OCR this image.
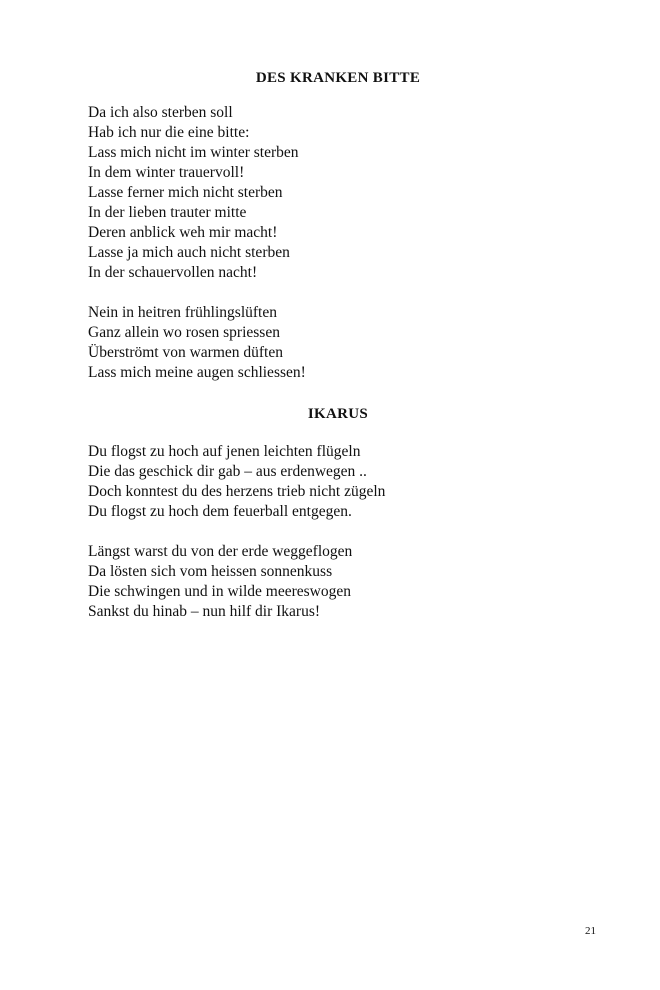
DES KRANKEN BITTE

Da ich also sterben soll

Hab ich nur die eine bitte:

Lass mich nicht im winter sterben

In dem winter trauervoll!

Lasse ferner mich nicht sterben

In der lieben trauter mitte

Deren anblick weh mir macht!

Lasse ja mich auch nicht sterben

In der schauervollen nacht!

Nein in heitren frühlingslüften

Ganz allein wo rosen spriessen

Überströmt von warmen düften

Lass mich meine augen schliessen!

IKARUS

Du flogst zu hoch auf jenen leichten flügeln

Die das geschick dir gab – aus erdenwegen ..

Doch konntest du des herzens trieb nicht zügeln

Du flogst zu hoch dem feuerball entgegen.

Längst warst du von der erde weggeflogen

Da lösten sich vom heissen sonnenkuss

Die schwingen und in wilde meereswogen

Sankst du hinab – nun hilf dir Ikarus!

21
